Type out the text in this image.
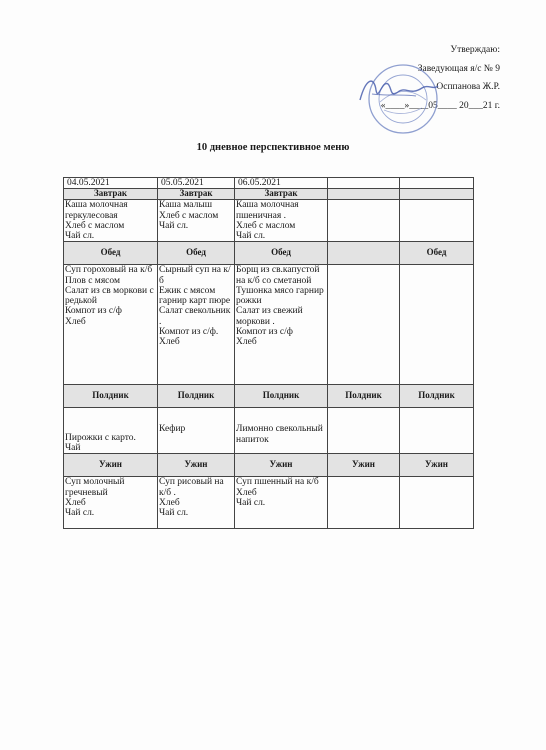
Утверждаю:
Заведующая я/с № 9
Осппанова Ж.Р.
«____»____05____ 20___21 г.
10 дневное перспективное меню
04.05.2021	05.05.2021	06.05.2021		
Завтрак	Завтрак	Завтрак		

Каша молочная геркулесовая
Хлеб с маслом
Чай сл.	Каша малыш
Хлеб с маслом
Чай сл.	Каша молочная пшеничная .
Хлеб с маслом
Чай сл.		

Обед	Обед	Обед		Обед

Суп гороховый на к/б
Плов с мясом
Салат из св моркови с редькой
Компот из с/ф
Хлеб	Сырный суп на к/б
Ежик с мясом гарнир карт пюре Салат свекольник .
Компот из с/ф.
Хлеб	Борщ из св.капустой на к/б со сметаной
Тушонка мясо гарнир рожки
Салат из свежий моркови .
Компот из с/ф
Хлеб		

Полдник	Полдник	Полдник	Полдник	Полдник

Пирожки с карто.
Чай	Кефир	Лимонно свекольный напиток		

Ужин	Ужин	Ужин	Ужин	Ужин

Суп молочный гречневый
Хлеб
Чай сл.	Суп рисовый на к/б .
Хлеб
Чай сл.	Суп пшенный на к/б
Хлеб
Чай сл.		
